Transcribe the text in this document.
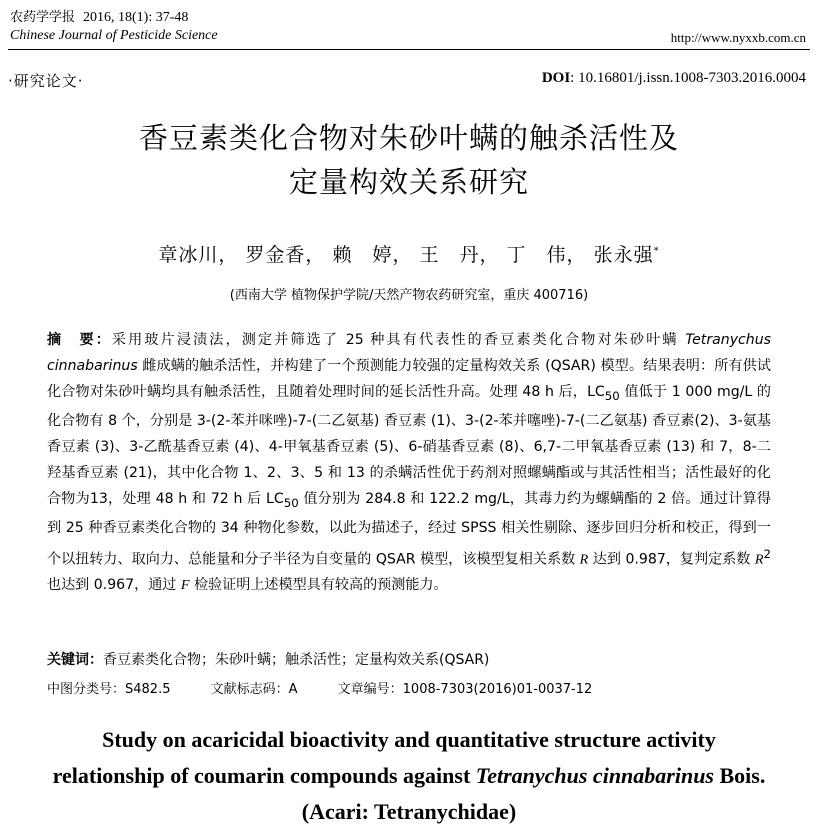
农药学学报 2016, 18(1): 37-48
Chinese Journal of Pesticide Science	http://www.nyxxb.com.cn
·研究论文·	DOI: 10.16801/j.issn.1008-7303.2016.0004
香豆素类化合物对朱砂叶螨的触杀活性及
定量构效关系研究
章冰川， 罗金香， 赖　婷， 王　丹， 丁　伟， 张永强*
(西南大学 植物保护学院/天然产物农药研究室，重庆 400716)
摘　要：采用玻片浸渍法，测定并筛选了 25 种具有代表性的香豆素类化合物对朱砂叶螨 Tetranychus cinnabarinus 雌成螨的触杀活性，并构建了一个预测能力较强的定量构效关系 (QSAR) 模型。结果表明：所有供试化合物对朱砂叶螨均具有触杀活性，且随着处理时间的延长活性升高。处理 48 h 后，$LC_{50}$ 值低于 1 000 mg/L 的化合物有 8 个，分别是 3-(2-苯并咪唑)-7-(二乙氨基) 香豆素 (1)、3-(2-苯并噻唑)-7-(二乙氨基) 香豆素(2)、3-氨基香豆素 (3)、3-乙酰基香豆素 (4)、4-甲氧基香豆素 (5)、6-硝基香豆素 (8)、6,7-二甲氧基香豆素 (13) 和 7，8-二羟基香豆素 (21)，其中化合物 1、2、3、5 和 13 的杀螨活性优于药剂对照螺螨酯或与其活性相当；活性最好的化合物为13，处理 48 h 和 72 h 后 $LC_{50}$ 值分别为 284.8 和 122.2 mg/L，其毒力约为螺螨酯的 2 倍。通过计算得到 25 种香豆素类化合物的 34 种物化参数，以此为描述子，经过 SPSS 相关性剔除、逐步回归分析和校正，得到一个以扭转力、取向力、总能量和分子半径为自变量的 QSAR 模型，该模型复相关系数 R 达到 0.987，复判定系数 $R^2$ 也达到 0.967，通过 F 检验证明上述模型具有较高的预测能力。
关键词：香豆素类化合物；朱砂叶螨；触杀活性；定量构效关系(QSAR)
中图分类号：S482.5	文献标志码：A	文章编号：1008-7303(2016)01-0037-12
Study on acaricidal bioactivity and quantitative structure activity
relationship of coumarin compounds against Tetranychus cinnabarinus Bois.
(Acari: Tetranychidae)
